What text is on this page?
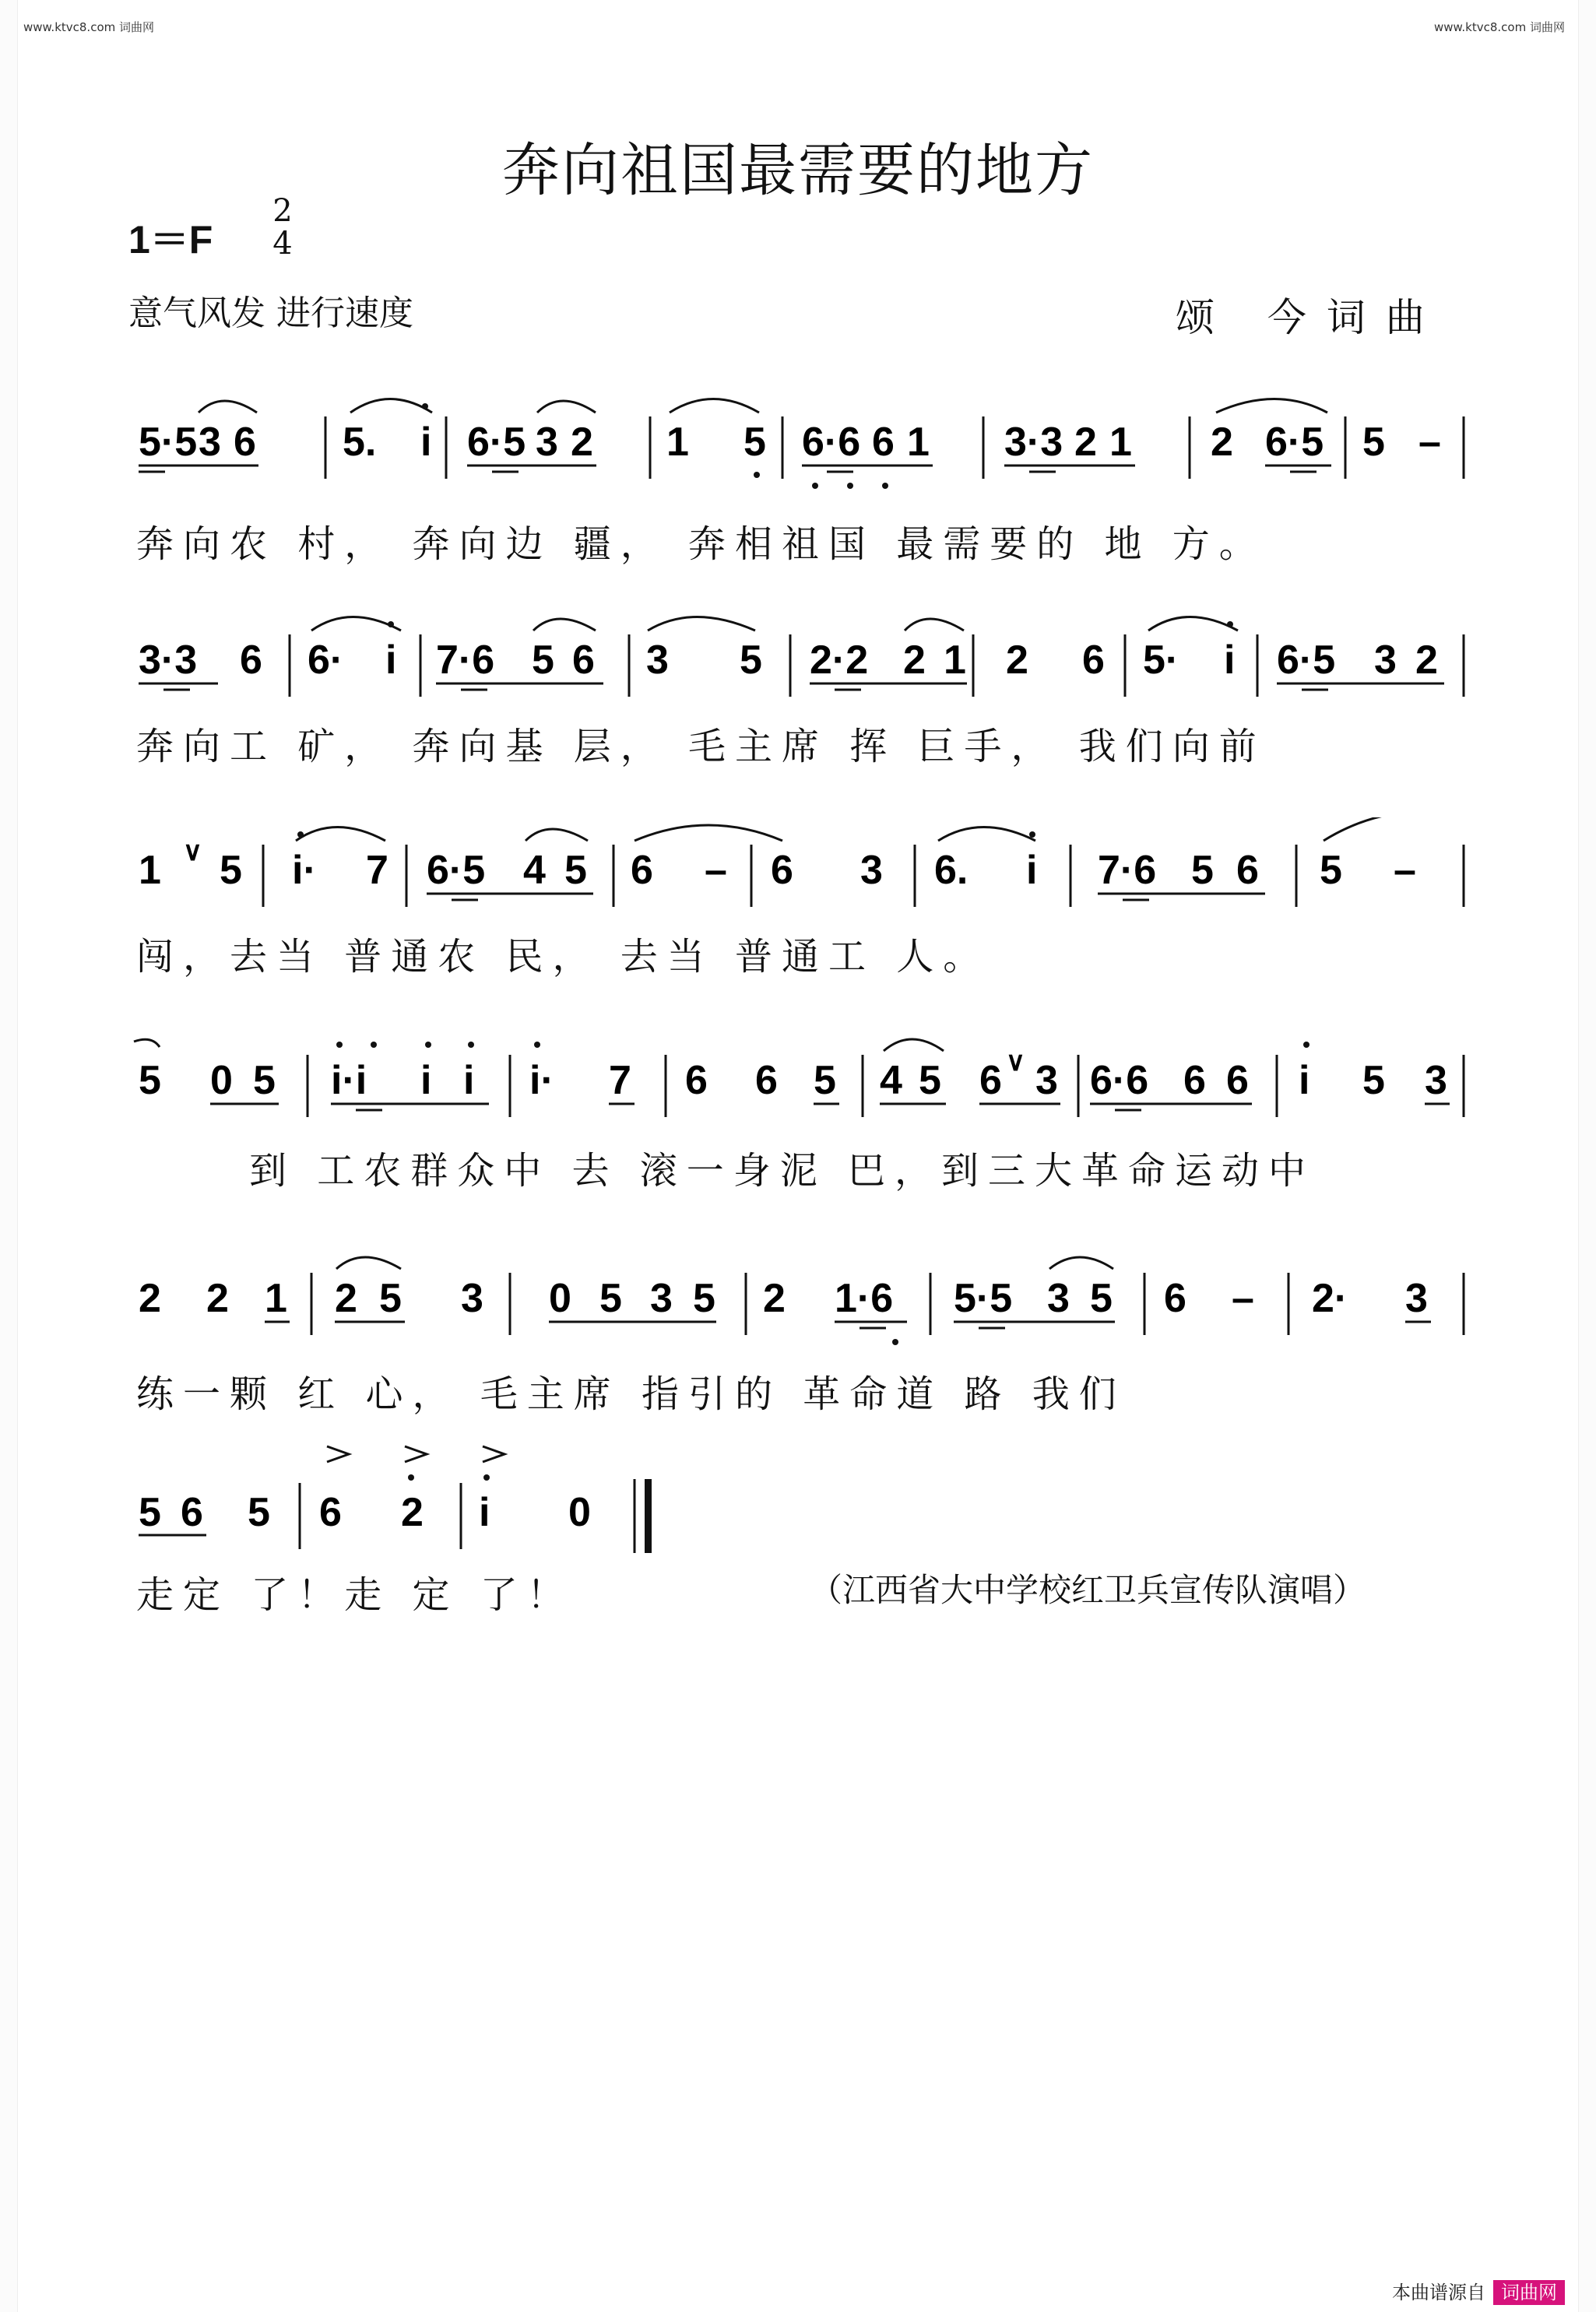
www.ktvc8.com 词曲网	www.ktvc8.com 词曲网
奔向祖国最需要的地方
1＝F
2
4
意气风发 进行速度	颂 今词曲
5·5 3 6 5. i 6·5 3 2 1 5 6·6 6 1 3·3 2 1 2 6·5 5 –
奔向农 村， 奔向边 疆， 奔相祖国 最需要的 地 方。
3·3 6 6· i 7·6 5 6 3 5 2·2 2 1 2 6 5· i 6·5 3 2
奔向工 矿， 奔向基 层， 毛主席 挥 巨手， 我们向前
1 ∨ 5 i· 7 6·5 4 5 6 – 6 3 6. i 7·6 5 6 5 –
闯，去当 普通农 民， 去当 普通工 人。
5 0 5 i·i i i i· 7 6 6 5 4 5 6 ∨ 3 6·6 6 6 i 5 3
到 工农群众中 去 滚一身泥 巴，到三大革命运动中
2 2 1 2 5 3 0 5 3 5 2 1·6 5·5 3 5 6 – 2· 3
练一颗 红 心， 毛主席 指引的 革命道 路 我们
5 6 5 6 2 i 0
走定 了！走 定 了！	（江西省大中学校红卫兵宣传队演唱）
本曲谱源自 词曲网
